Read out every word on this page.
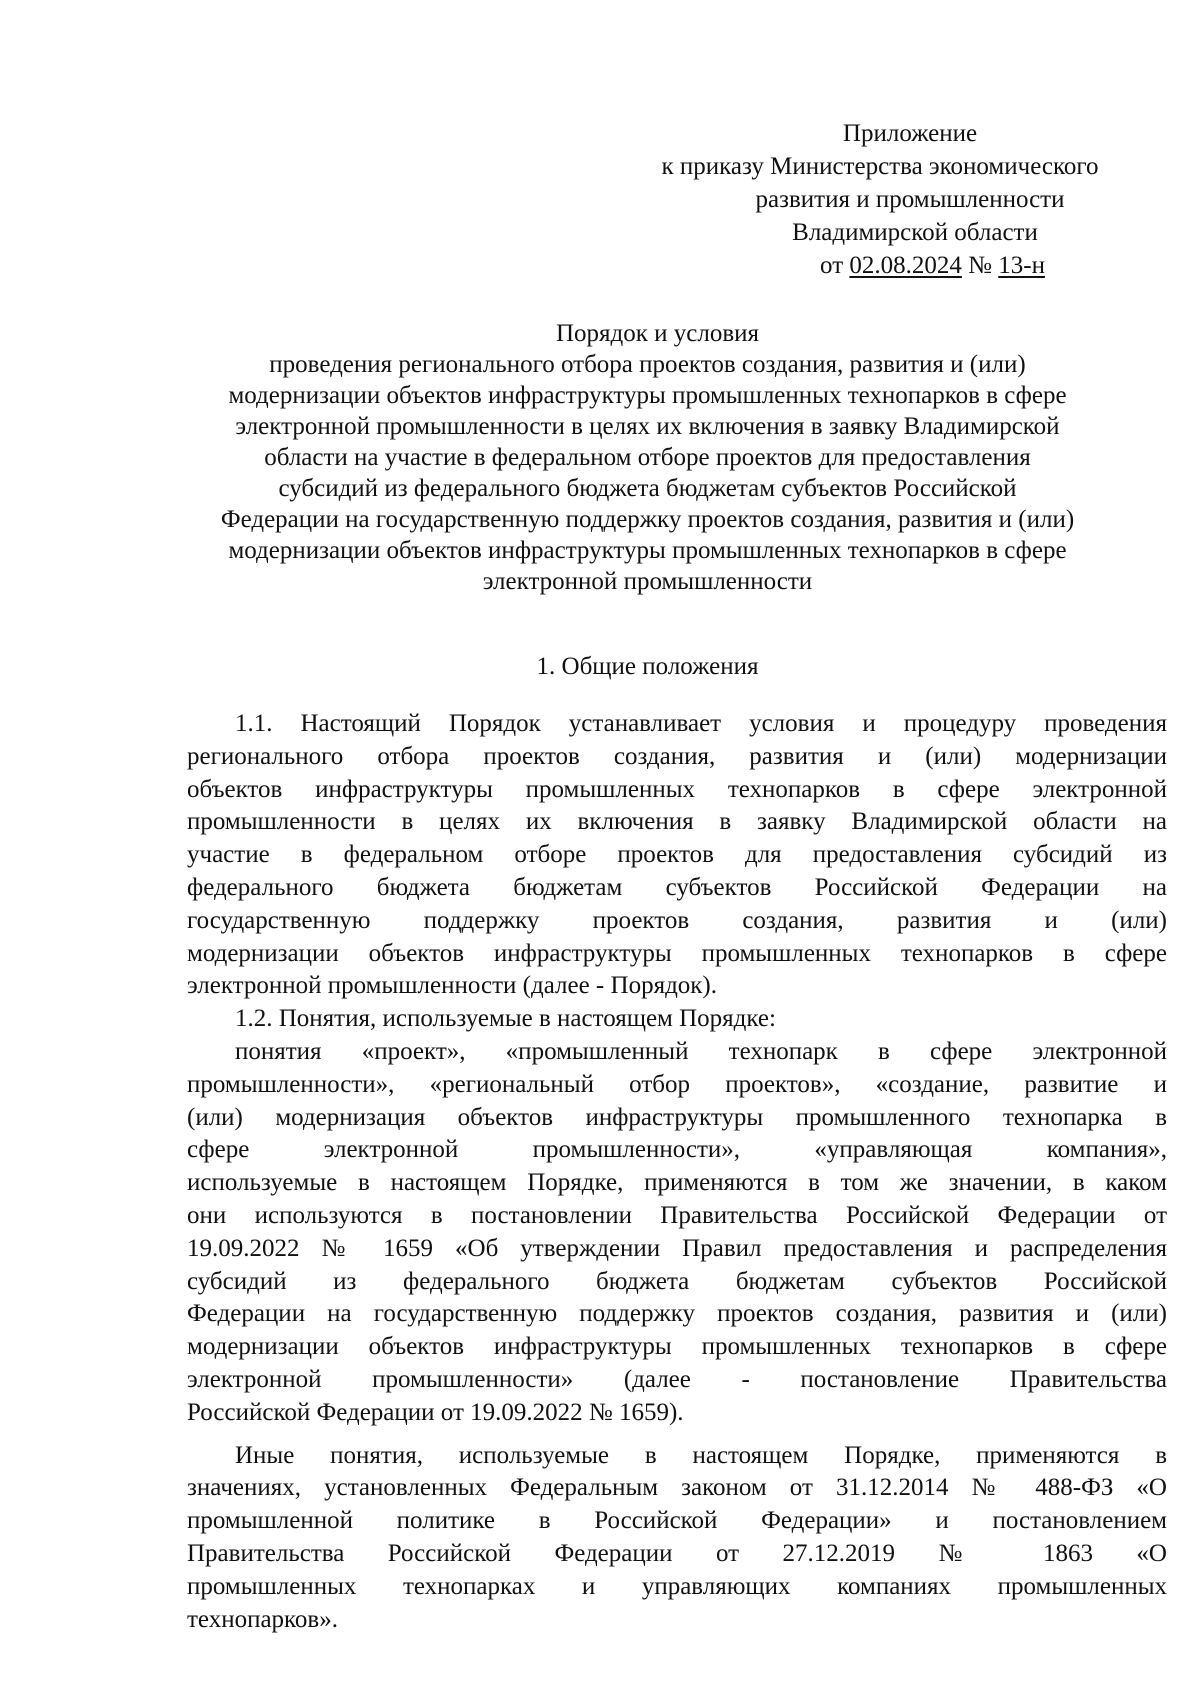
Приложение
к приказу Министерства экономического
развития и промышленности
Владимирской области
от 02.08.2024 № 13-н
Порядок и условия
проведения регионального отбора проектов создания, развития и (или)
модернизации объектов инфраструктуры промышленных технопарков в сфере
электронной промышленности в целях их включения в заявку Владимирской
области на участие в федеральном отборе проектов для предоставления
субсидий из федерального бюджета бюджетам субъектов Российской
Федерации на государственную поддержку проектов создания, развития и (или)
модернизации объектов инфраструктуры промышленных технопарков в сфере
электронной промышленности
1. Общие положения
1.1. Настоящий Порядок устанавливает условия и процедуру проведения
регионального отбора проектов создания, развития и (или) модернизации
объектов инфраструктуры промышленных технопарков в сфере электронной
промышленности в целях их включения в заявку Владимирской области на
участие в федеральном отборе проектов для предоставления субсидий из
федерального бюджета бюджетам субъектов Российской Федерации на
государственную поддержку проектов создания, развития и (или)
модернизации объектов инфраструктуры промышленных технопарков в сфере
электронной промышленности (далее - Порядок).
1.2. Понятия, используемые в настоящем Порядке:
понятия «проект», «промышленный технопарк в сфере электронной
промышленности», «региональный отбор проектов», «создание, развитие и
(или) модернизация объектов инфраструктуры промышленного технопарка в
сфере электронной промышленности», «управляющая компания»,
используемые в настоящем Порядке, применяются в том же значении, в каком
они используются в постановлении Правительства Российской Федерации от
19.09.2022 № 1659 «Об утверждении Правил предоставления и распределения
субсидий из федерального бюджета бюджетам субъектов Российской
Федерации на государственную поддержку проектов создания, развития и (или)
модернизации объектов инфраструктуры промышленных технопарков в сфере
электронной промышленности» (далее - постановление Правительства
Российской Федерации от 19.09.2022 № 1659).
Иные понятия, используемые в настоящем Порядке, применяются в
значениях, установленных Федеральным законом от 31.12.2014 № 488-ФЗ «О
промышленной политике в Российской Федерации» и постановлением
Правительства Российской Федерации от 27.12.2019 № 1863 «О
промышленных технопарках и управляющих компаниях промышленных
технопарков».
